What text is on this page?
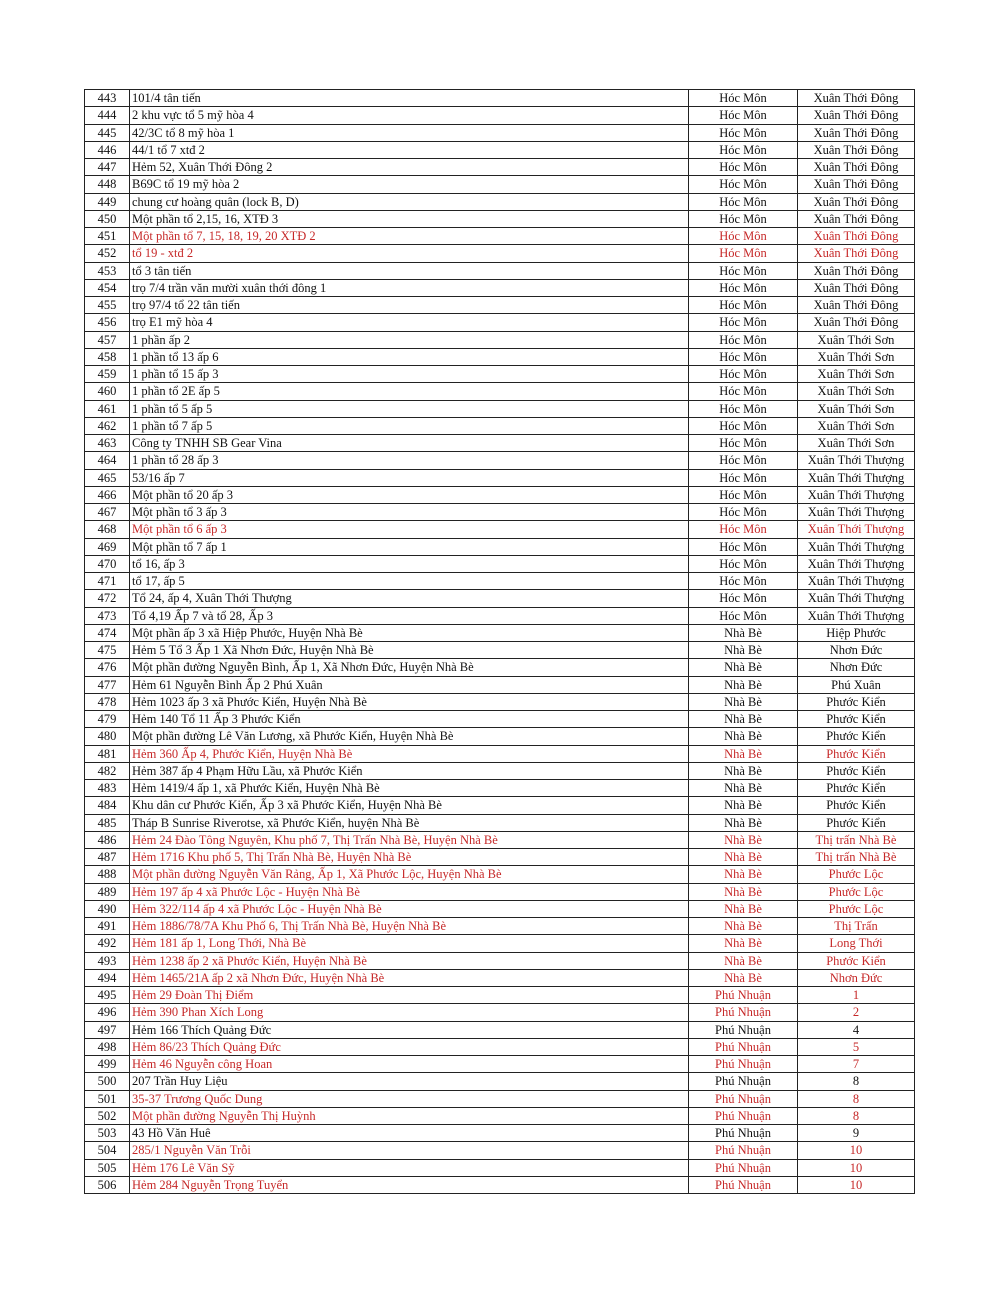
443	101/4 tân tiến	Hóc Môn	Xuân Thới Đông
444	2 khu vực tổ 5 mỹ hòa 4	Hóc Môn	Xuân Thới Đông
445	42/3C tổ 8 mỹ hòa 1	Hóc Môn	Xuân Thới Đông
446	44/1 tổ 7 xtđ 2	Hóc Môn	Xuân Thới Đông
447	Hẻm 52, Xuân Thới Đông 2	Hóc Môn	Xuân Thới Đông
448	B69C tổ 19 mỹ hòa 2	Hóc Môn	Xuân Thới Đông
449	chung cư hoàng quân (lock B, D)	Hóc Môn	Xuân Thới Đông
450	Một phần tổ 2,15, 16, XTĐ 3	Hóc Môn	Xuân Thới Đông
451	Một phần tổ 7, 15, 18, 19, 20 XTĐ 2	Hóc Môn	Xuân Thới Đông
452	tổ 19 - xtđ 2	Hóc Môn	Xuân Thới Đông
453	tổ 3 tân tiến	Hóc Môn	Xuân Thới Đông
454	trọ 7/4 trần văn mười xuân thới đông 1	Hóc Môn	Xuân Thới Đông
455	trọ 97/4 tổ 22 tân tiến	Hóc Môn	Xuân Thới Đông
456	trọ E1 mỹ hòa 4	Hóc Môn	Xuân Thới Đông
457	1 phần ấp 2	Hóc Môn	Xuân Thới Sơn
458	1 phần tổ 13 ấp 6	Hóc Môn	Xuân Thới Sơn
459	1 phần tổ 15 ấp 3	Hóc Môn	Xuân Thới Sơn
460	1 phần tổ 2E ấp 5	Hóc Môn	Xuân Thới Sơn
461	1 phần tổ 5 ấp 5	Hóc Môn	Xuân Thới Sơn
462	1 phần tổ 7 ấp 5	Hóc Môn	Xuân Thới Sơn
463	Công ty TNHH SB Gear Vina	Hóc Môn	Xuân Thới Sơn
464	1 phần tổ 28 ấp 3	Hóc Môn	Xuân Thới Thượng
465	53/16 ấp 7	Hóc Môn	Xuân Thới Thượng
466	Một phần tổ 20 ấp 3	Hóc Môn	Xuân Thới Thượng
467	Một phần tổ 3 ấp 3	Hóc Môn	Xuân Thới Thượng
468	Một phần tổ 6 ấp 3	Hóc Môn	Xuân Thới Thượng
469	Một phần tổ 7 ấp 1	Hóc Môn	Xuân Thới Thượng
470	tổ 16, ấp 3	Hóc Môn	Xuân Thới Thượng
471	tổ 17, ấp 5	Hóc Môn	Xuân Thới Thượng
472	Tổ 24, ấp 4, Xuân Thới Thượng	Hóc Môn	Xuân Thới Thượng
473	Tổ 4,19 Ấp 7 và tổ 28, Ấp 3	Hóc Môn	Xuân Thới Thượng
474	Một phần ấp 3 xã Hiệp Phước, Huyện Nhà Bè	Nhà Bè	Hiệp Phước
475	Hẻm 5 Tổ 3 Ấp 1 Xã Nhơn Đức, Huyện Nhà Bè	Nhà Bè	Nhơn Đức
476	Một phần đường Nguyễn Bình, Ấp 1, Xã Nhơn Đức, Huyện Nhà Bè	Nhà Bè	Nhơn Đức
477	Hẻm 61 Nguyễn Bình Ấp 2 Phú Xuân	Nhà Bè	Phú Xuân
478	Hẻm 1023 ấp 3 xã Phước Kiển, Huyện Nhà Bè	Nhà Bè	Phước Kiển
479	Hẻm 140 Tổ 11 Ấp 3 Phước Kiển	Nhà Bè	Phước Kiển
480	Một phần đường Lê Văn Lương, xã Phước Kiển, Huyện Nhà Bè	Nhà Bè	Phước Kiển
481	Hẻm 360 Ấp 4, Phước Kiển, Huyện Nhà Bè	Nhà Bè	Phước Kiển
482	Hẻm 387 ấp 4 Phạm Hữu Lầu, xã Phước Kiển	Nhà Bè	Phước Kiển
483	Hẻm 1419/4 ấp 1, xã Phước Kiển, Huyện Nhà Bè	Nhà Bè	Phước Kiển
484	Khu dân cư Phước Kiển, Ấp 3 xã Phước Kiển, Huyện Nhà Bè	Nhà Bè	Phước Kiển
485	Tháp B Sunrise Riverotse, xã Phước Kiển, huyện Nhà Bè	Nhà Bè	Phước Kiển
486	Hẻm 24 Đào Tông Nguyên, Khu phố 7, Thị Trấn Nhà Bè, Huyện Nhà Bè	Nhà Bè	Thị trấn Nhà Bè
487	Hẻm 1716 Khu phố 5, Thị Trấn Nhà Bè, Huyện Nhà Bè	Nhà Bè	Thị trấn Nhà Bè
488	Một phần đường Nguyễn Văn Rảng, Ấp 1, Xã Phước Lộc, Huyện Nhà Bè	Nhà Bè	Phước Lộc
489	Hẻm 197 ấp 4 xã Phước Lộc - Huyện Nhà Bè	Nhà Bè	Phước Lộc
490	Hẻm 322/114 ấp 4 xã Phước Lộc - Huyện Nhà Bè	Nhà Bè	Phước Lộc
491	Hẻm 1886/78/7A Khu Phố 6, Thị Trấn Nhà Bè, Huyện Nhà Bè	Nhà Bè	Thị Trấn
492	Hẻm 181 ấp 1, Long Thới, Nhà Bè	Nhà Bè	Long Thới
493	Hẻm 1238 ấp 2 xã Phước Kiển, Huyện Nhà Bè	Nhà Bè	Phước Kiển
494	Hẻm 1465/21A ấp 2 xã Nhơn Đức, Huyện Nhà Bè	Nhà Bè	Nhơn Đức
495	Hẻm 29 Đoàn Thị Điểm	Phú Nhuận	1
496	Hẻm 390 Phan Xích Long	Phú Nhuận	2
497	Hẻm 166 Thích Quảng Đức	Phú Nhuận	4
498	Hẻm 86/23 Thích Quảng Đức	Phú Nhuận	5
499	Hẻm 46 Nguyễn công Hoan	Phú Nhuận	7
500	207 Trần Huy Liệu	Phú Nhuận	8
501	35-37 Trương Quốc Dung	Phú Nhuận	8
502	Một phần đường Nguyễn Thị Huỳnh	Phú Nhuận	8
503	43 Hồ Văn Huê	Phú Nhuận	9
504	285/1 Nguyễn Văn Trỗi	Phú Nhuận	10
505	Hẻm 176 Lê Văn Sỹ	Phú Nhuận	10
506	Hẻm 284 Nguyễn Trọng Tuyển	Phú Nhuận	10
